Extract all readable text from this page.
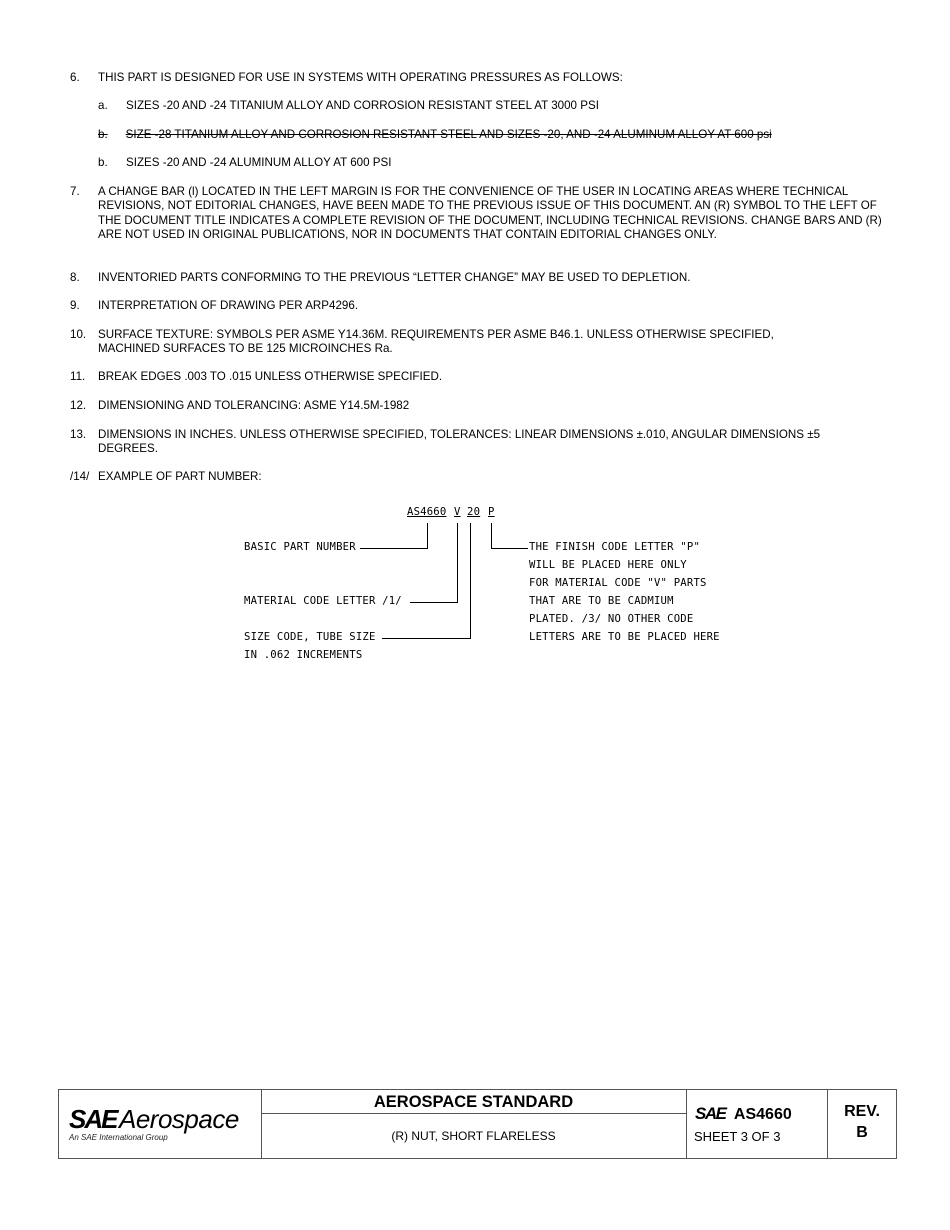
6. THIS PART IS DESIGNED FOR USE IN SYSTEMS WITH OPERATING PRESSURES AS FOLLOWS:
a. SIZES -20 AND -24 TITANIUM ALLOY AND CORROSION RESISTANT STEEL AT 3000 PSI
b. SIZE -28 TITANIUM ALLOY AND CORROSION RESISTANT STEEL AND SIZES -20, AND -24 ALUMINUM ALLOY AT 600 psi
b. SIZES -20 AND -24 ALUMINUM ALLOY AT 600 PSI
7. A CHANGE BAR (l) LOCATED IN THE LEFT MARGIN IS FOR THE CONVENIENCE OF THE USER IN LOCATING AREAS WHERE TECHNICAL REVISIONS, NOT EDITORIAL CHANGES, HAVE BEEN MADE TO THE PREVIOUS ISSUE OF THIS DOCUMENT. AN (R) SYMBOL TO THE LEFT OF THE DOCUMENT TITLE INDICATES A COMPLETE REVISION OF THE DOCUMENT, INCLUDING TECHNICAL REVISIONS. CHANGE BARS AND (R) ARE NOT USED IN ORIGINAL PUBLICATIONS, NOR IN DOCUMENTS THAT CONTAIN EDITORIAL CHANGES ONLY.
8. INVENTORIED PARTS CONFORMING TO THE PREVIOUS “LETTER CHANGE” MAY BE USED TO DEPLETION.
9. INTERPRETATION OF DRAWING PER ARP4296.
10. SURFACE TEXTURE: SYMBOLS PER ASME Y14.36M. REQUIREMENTS PER ASME B46.1. UNLESS OTHERWISE SPECIFIED, MACHINED SURFACES TO BE 125 MICROINCHES Ra.
11. BREAK EDGES .003 TO .015 UNLESS OTHERWISE SPECIFIED.
12. DIMENSIONING AND TOLERANCING: ASME Y14.5M-1982
13. DIMENSIONS IN INCHES. UNLESS OTHERWISE SPECIFIED, TOLERANCES: LINEAR DIMENSIONS ±.010, ANGULAR DIMENSIONS ±5 DEGREES.
/14/ EXAMPLE OF PART NUMBER:
AS4660 V 20 P
BASIC PART NUMBER
MATERIAL CODE LETTER /1/
SIZE CODE, TUBE SIZE
IN .062 INCREMENTS
THE FINISH CODE LETTER "P"
WILL BE PLACED HERE ONLY
FOR MATERIAL CODE "V" PARTS
THAT ARE TO BE CADMIUM
PLATED. /3/ NO OTHER CODE
LETTERS ARE TO BE PLACED HERE
SAE Aerospace
An SAE International Group
AEROSPACE STANDARD
(R) NUT, SHORT FLARELESS
SAE AS4660
SHEET 3 OF 3
REV.
B
